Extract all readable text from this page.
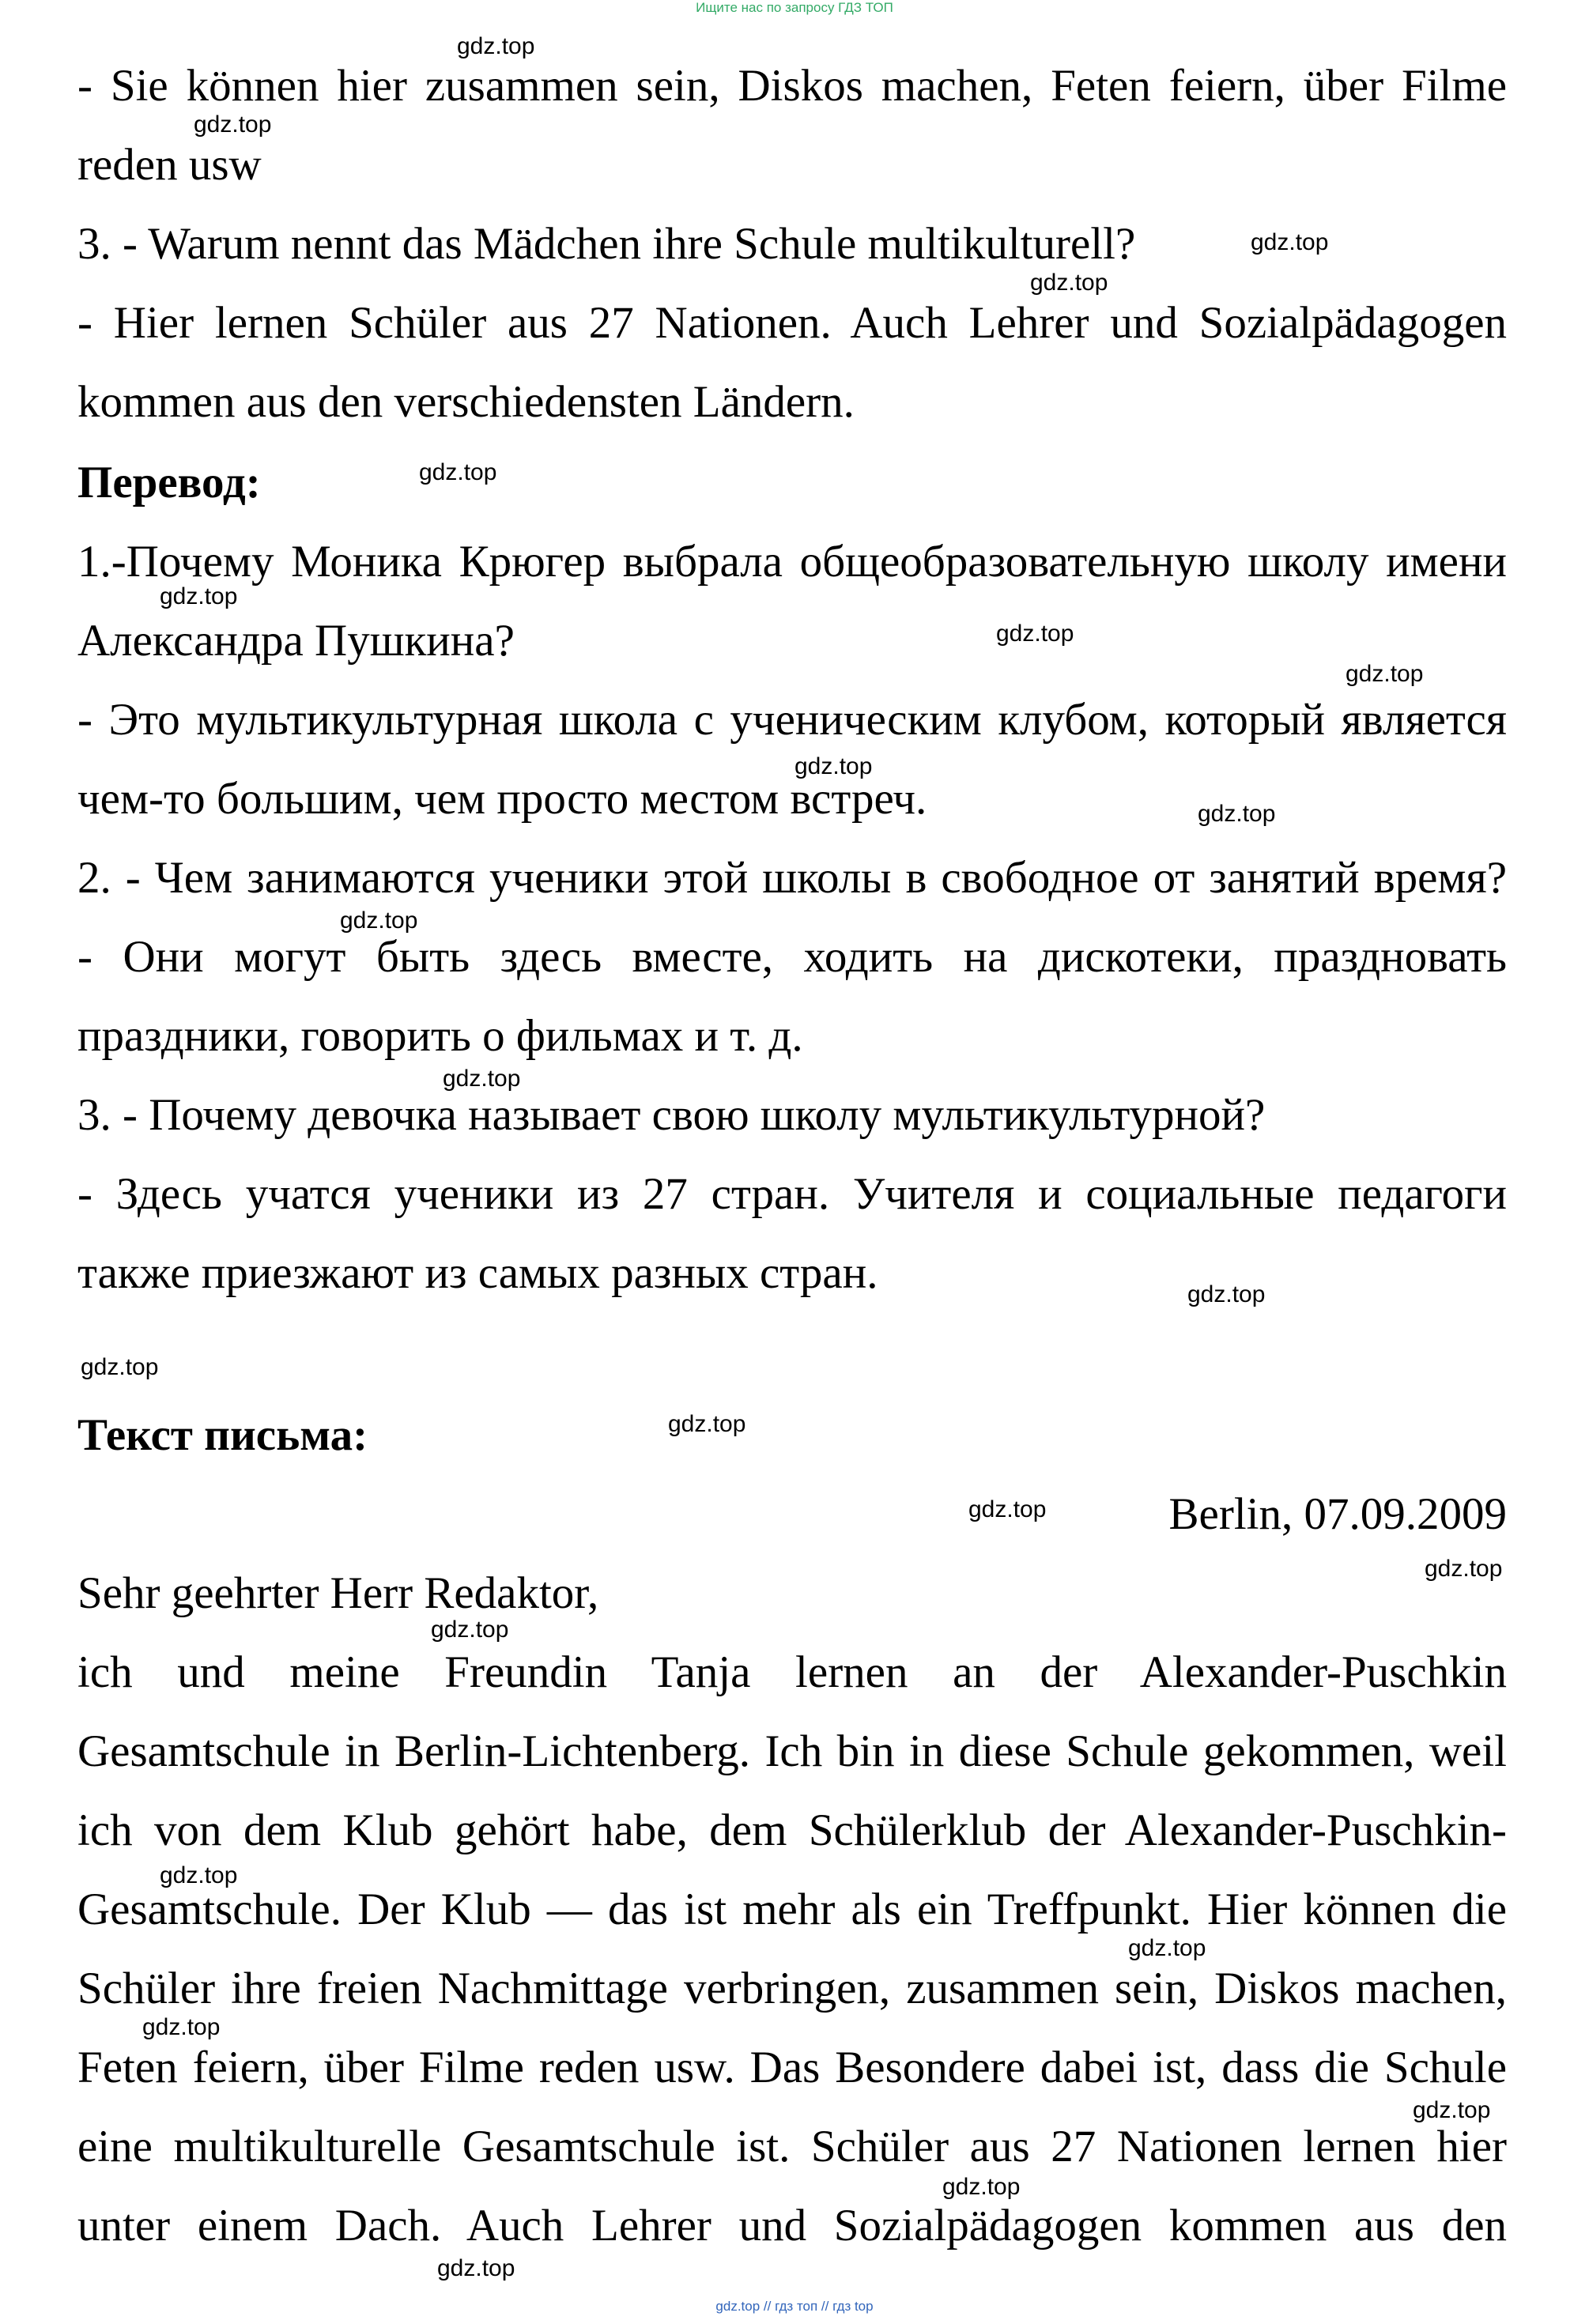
Ищите нас по запросу ГДЗ ТОП
- Sie können hier zusammen sein, Diskos machen, Feten feiern, über Filme
reden usw
3. - Warum nennt das Mädchen ihre Schule multikulturell?
- Hier lernen Schüler aus 27 Nationen. Auch Lehrer und Sozialpädagogen
kommen aus den verschiedensten Ländern.
Перевод:
1.-Почему Моника Крюгер выбрала общеобразовательную школу имени
Александра Пушкина?
- Это мультикультурная школа с ученическим клубом, который является
чем-то большим, чем просто местом встреч.
2. - Чем занимаются ученики этой школы в свободное от занятий время?
- Они могут быть здесь вместе, ходить на дискотеки, праздновать
праздники, говорить о фильмах и т. д.
3. - Почему девочка называет свою школу мультикультурной?
- Здесь учатся ученики из 27 стран. Учителя и социальные педагоги
также приезжают из самых разных стран.
Текст письма:
Berlin, 07.09.2009
Sehr geehrter Herr Redaktor,
ich und meine Freundin Tanja lernen an der Alexander-Puschkin
Gesamtschule in Berlin-Lichtenberg. Ich bin in diese Schule gekommen, weil
ich von dem Klub gehört habe, dem Schülerklub der Alexander-Puschkin-
Gesamtschule. Der Klub — das ist mehr als ein Treffpunkt. Hier können die
Schüler ihre freien Nachmittage verbringen, zusammen sein, Diskos machen,
Feten feiern, über Filme reden usw. Das Besondere dabei ist, dass die Schule
eine multikulturelle Gesamtschule ist. Schüler aus 27 Nationen lernen hier
unter einem Dach. Auch Lehrer und Sozialpädagogen kommen aus den
gdz.top
gdz.top
gdz.top
gdz.top
gdz.top
gdz.top
gdz.top
gdz.top
gdz.top
gdz.top
gdz.top
gdz.top
gdz.top
gdz.top
gdz.top
gdz.top
gdz.top
gdz.top
gdz.top
gdz.top
gdz.top
gdz.top
gdz.top
gdz.top
gdz.top // гдз топ // гдз top
